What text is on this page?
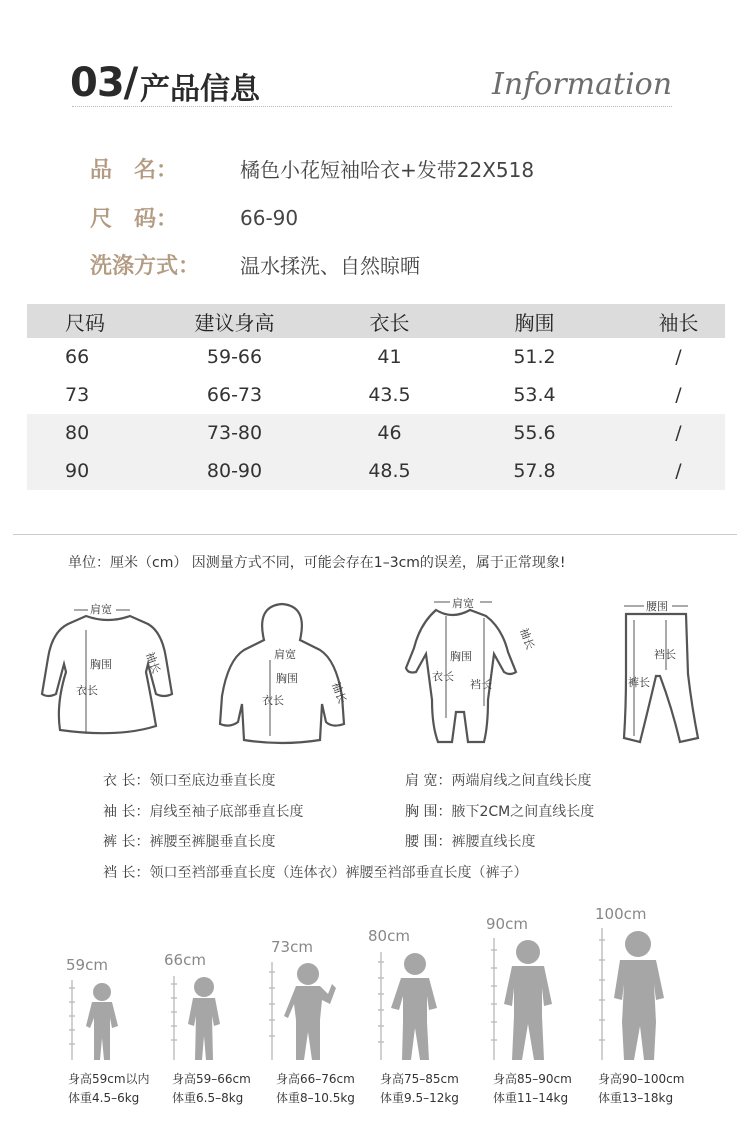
03/ 产品信息	Information
品　名：	橘色小花短袖哈衣+发带22X518
尺　码：	66-90
洗涤方式：	温水揉洗、自然晾晒
尺码	建议身高	衣长	胸围	袖长
66	59-66	41	51.2	/
73	66-73	43.5	53.4	/
80	73-80	46	55.6	/
90	80-90	48.5	57.8	/
单位：厘米（cm） 因测量方式不同，可能会存在1–3cm的误差，属于正常现象!
肩宽
胸围
衣长
袖长	肩宽
胸围
衣长	袖长
肩宽
胸围
衣长
裆长
袖长
腰围
裆长
裤长
衣 长：领口至底边垂直长度	肩 宽：两端肩线之间直线长度
袖 长：肩线至袖子底部垂直长度	胸 围：腋下2CM之间直线长度
裤 长：裤腰至裤腿垂直长度	腰 围：裤腰直线长度
裆 长：领口至裆部垂直长度（连体衣）裤腰至裆部垂直长度（裤子）
59cm	66cm
73cm
80cm
90cm
100cm
身高59cm以内
体重4.5–6kg
身高59–66cm
体重6.5–8kg
身高66–76cm
体重8–10.5kg
身高75–85cm
体重9.5–12kg
身高85–90cm
体重11–14kg
身高90–100cm
体重13–18kg
